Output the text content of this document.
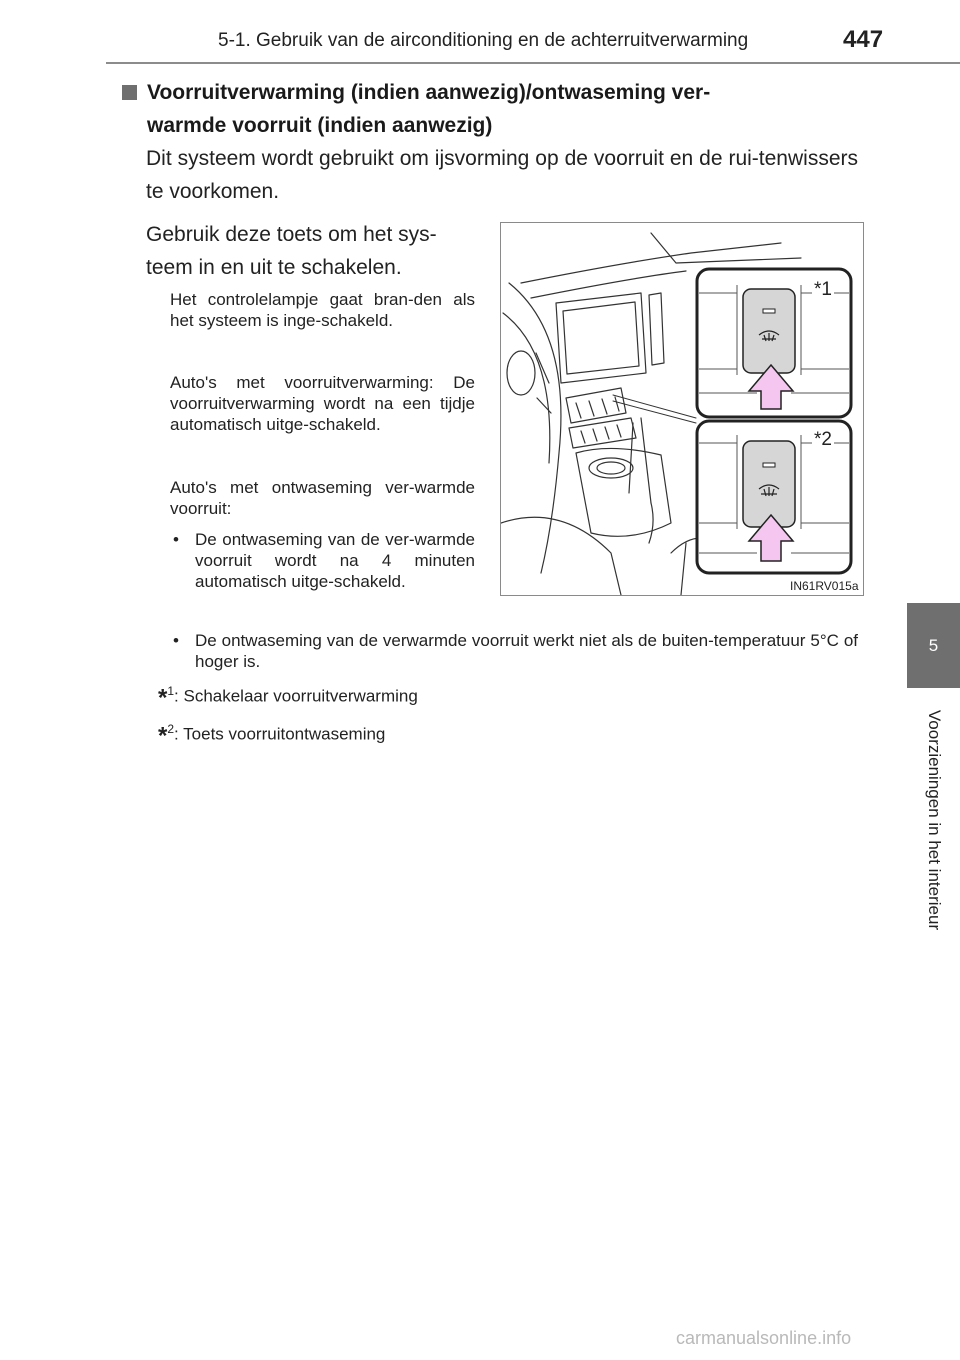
5-1. Gebruik van de airconditioning en de achterruitverwarming	447
5
Voorzieningen in het interieur
Voorruitverwarming (indien aanwezig)/ontwaseming ver-
warmde voorruit (indien aanwezig)
Dit systeem wordt gebruikt om ijsvorming op de voorruit en de rui-tenwissers te voorkomen.
Gebruik deze toets om het sys-teem in en uit te schakelen.
Het controlelampje gaat bran-den als het systeem is inge-schakeld.
Auto's met voorruitverwarming: De voorruitverwarming wordt na een tijdje automatisch uitge-schakeld.
Auto's met ontwaseming ver-warmde voorruit:
• De ontwaseming van de ver-warmde voorruit wordt na 4 minuten automatisch uitge-schakeld.
• De ontwaseming van de verwarmde voorruit werkt niet als de buiten-temperatuur 5°C of hoger is.
*$^1$: Schakelaar voorruitverwarming
*$^2$: Toets voorruitontwaseming
*1
*2
IN61RV015a
carmanualsonline.info
